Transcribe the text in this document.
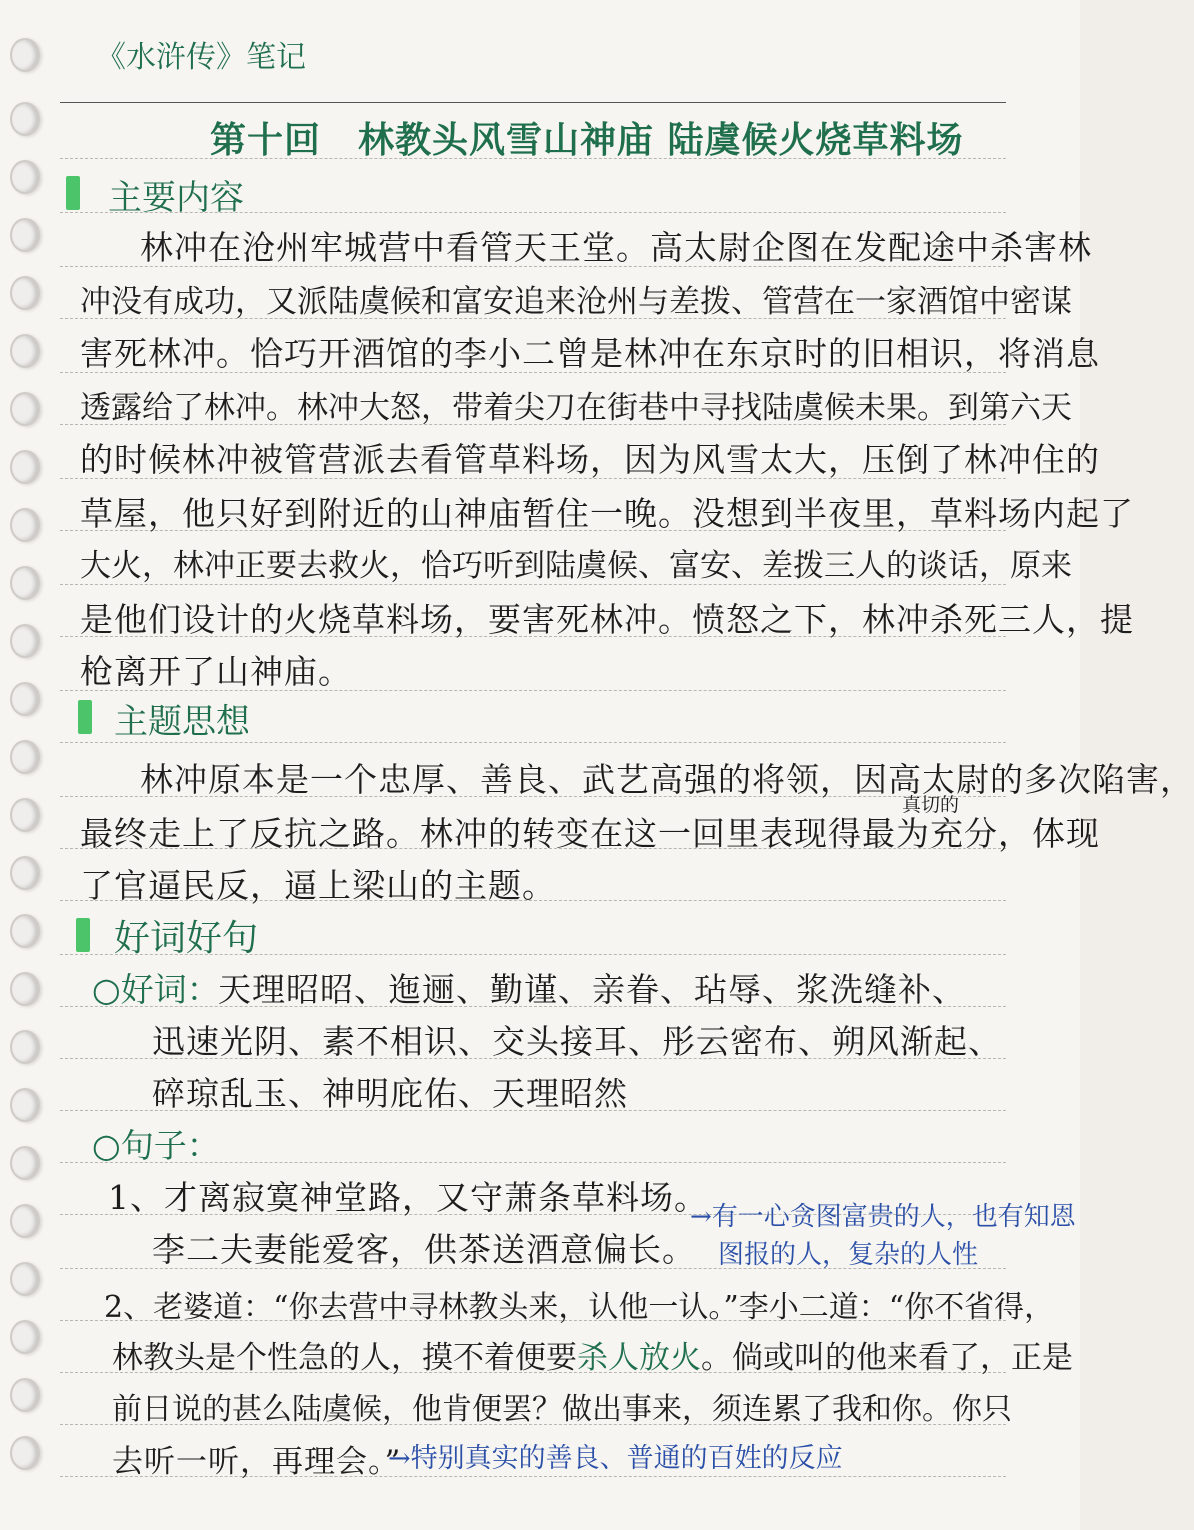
《水浒传》笔记
第十回　林教头风雪山神庙 陆虞候火烧草料场
主要内容
林冲在沧州牢城营中看管天王堂。高太尉企图在发配途中杀害林
冲没有成功，又派陆虞候和富安追来沧州与差拨、管营在一家酒馆中密谋
害死林冲。恰巧开酒馆的李小二曾是林冲在东京时的旧相识，将消息
透露给了林冲。林冲大怒，带着尖刀在街巷中寻找陆虞候未果。到第六天
的时候林冲被管营派去看管草料场，因为风雪太大，压倒了林冲住的
草屋，他只好到附近的山神庙暂住一晚。没想到半夜里，草料场内起了
大火，林冲正要去救火，恰巧听到陆虞候、富安、差拨三人的谈话，原来
是他们设计的火烧草料场，要害死林冲。愤怒之下，林冲杀死三人，提
枪离开了山神庙。
主题思想
林冲原本是一个忠厚、善良、武艺高强的将领，因高太尉的多次陷害，
真切的
最终走上了反抗之路。林冲的转变在这一回里表现得最为充分，体现
了官逼民反，逼上梁山的主题。
好词好句
○好词：
天理昭昭、迤逦、勤谨、亲眷、玷辱、浆洗缝补、
迅速光阴、素不相识、交头接耳、彤云密布、朔风渐起、
碎琼乱玉、神明庇佑、天理昭然
○句子：
1、才离寂寞神堂路，又守萧条草料场。
李二夫妻能爱客，供茶送酒意偏长。
→有一心贪图富贵的人，也有知恩
图报的人，复杂的人性
2、老婆道：“你去营中寻林教头来，认他一认。”李小二道：“你不省得，
林教头是个性急的人，摸不着便要杀人放火。倘或叫的他来看了，正是
前日说的甚么陆虞候，他肯便罢？做出事来，须连累了我和你。你只
去听一听，再理会。”
→特别真实的善良、普通的百姓的反应
